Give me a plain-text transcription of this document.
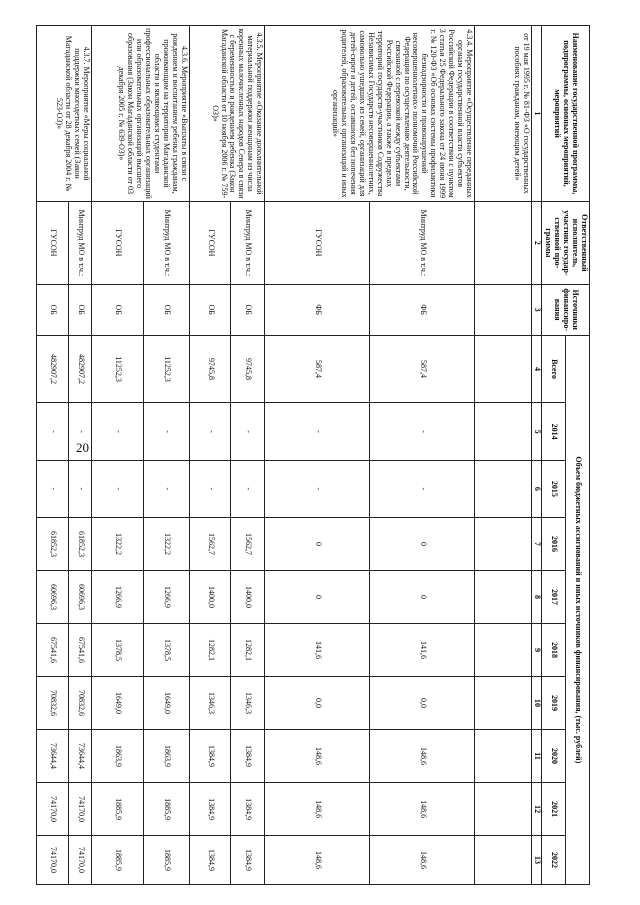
20
Наименование государственной программы, подпрограммы, основных мероприятий, мероприятий	Ответственный исполнитель, участник государ-ственной про-граммы	Источники финансиро-вания	Объем бюджетных ассигнований и иных источников финансирования, (тыс. рублей)									
			Всего	2014	2015	2016	2017	2018	2019	2020	2021	2022
1	2	3	4	5	6	7	8	9	10	11	12	13
от 19 мая 1995 г. № 81-ФЗ «О государственных пособиях гражданам, имеющим детей»												
4.3.4. Мероприятие «Осуществление переданных органам государственной власти субъектов Российской Федерации в соответствии с пунктом 3 статьи 25 Федерального закона от 24 июня 1999 г. № 120-ФЗ «Об основах системы профилактики безнадзорности и правонарушений несовершеннолетних» полномочий Российской Федерации по осуществлению деятельности, связанной с перевозкой между субъектами Российской Федерации, а также в пределах территорий государств-участников Содружества Независимых Государств несовершеннолетних, самовольно ушедших из семей, организаций для детей-сирот и детей, оставшихся без попечения родителей, образовательных организаций и иных организаций»	Минтруд МО в т.ч.:	ФБ	587,4	-	-	0	0	141,6	0,0	148,6	148,6	148,6
	ГУСОН	ФБ	587,4	-	-	0	0	141,6	0,0	148,6	148,6	148,6
4.3.5. Мероприятие «Оказание дополнительной материальной поддержки женщинам из числа коренных малочисленных народов Севера в связи с беременностью и рождением ребенка (Закон Магаданской области от 10 ноября 2006 г. № 759-ОЗ)»	Минтруд МО в т.ч.:	ОБ	9745,8	-	-	1562,7	1400,0	1282,1	1346,3	1384,9	1384,9	1384,9
	ГУСОН	ОБ	9745,8	-	-	1562,7	1400,0	1282,1	1346,3	1384,9	1384,9	1384,9
4.3.6. Мероприятие «Выплаты в связи с рождением и воспитанием ребенка гражданам, проживающим на территории Магаданской области и являющимся студентами профессиональных образовательных организаций или образовательных организаций высшего образования (Закон Магаданской области от 03 декабря 2005 г. № 639-ОЗ)»	Минтруд МО в т.ч.:	ОБ	11252,3	-	-	1322,2	1266,9	1378,5	1649,0	1863,9	1885,9	1885,9
	ГУСОН	ОБ	11252,3	-	-	1322,2	1266,9	1378,5	1649,0	1863,9	1885,9	1885,9
4.3.7. Мероприятие «Меры социальной поддержки многодетных семей (Закон Магаданской области от 28 декабря 2004 г. № 523-ОЗ)»	Минтруд МО в т.ч.:	ОБ	482907,2	-	-	61852,3	60696,3	67541,6	70832,6	73644,4	74170,0	74170,0
	ГУСОН	ОБ	482907,2	-	-	61852,3	60696,3	67541,6	70832,6	73644,4	74170,0	74170,0
